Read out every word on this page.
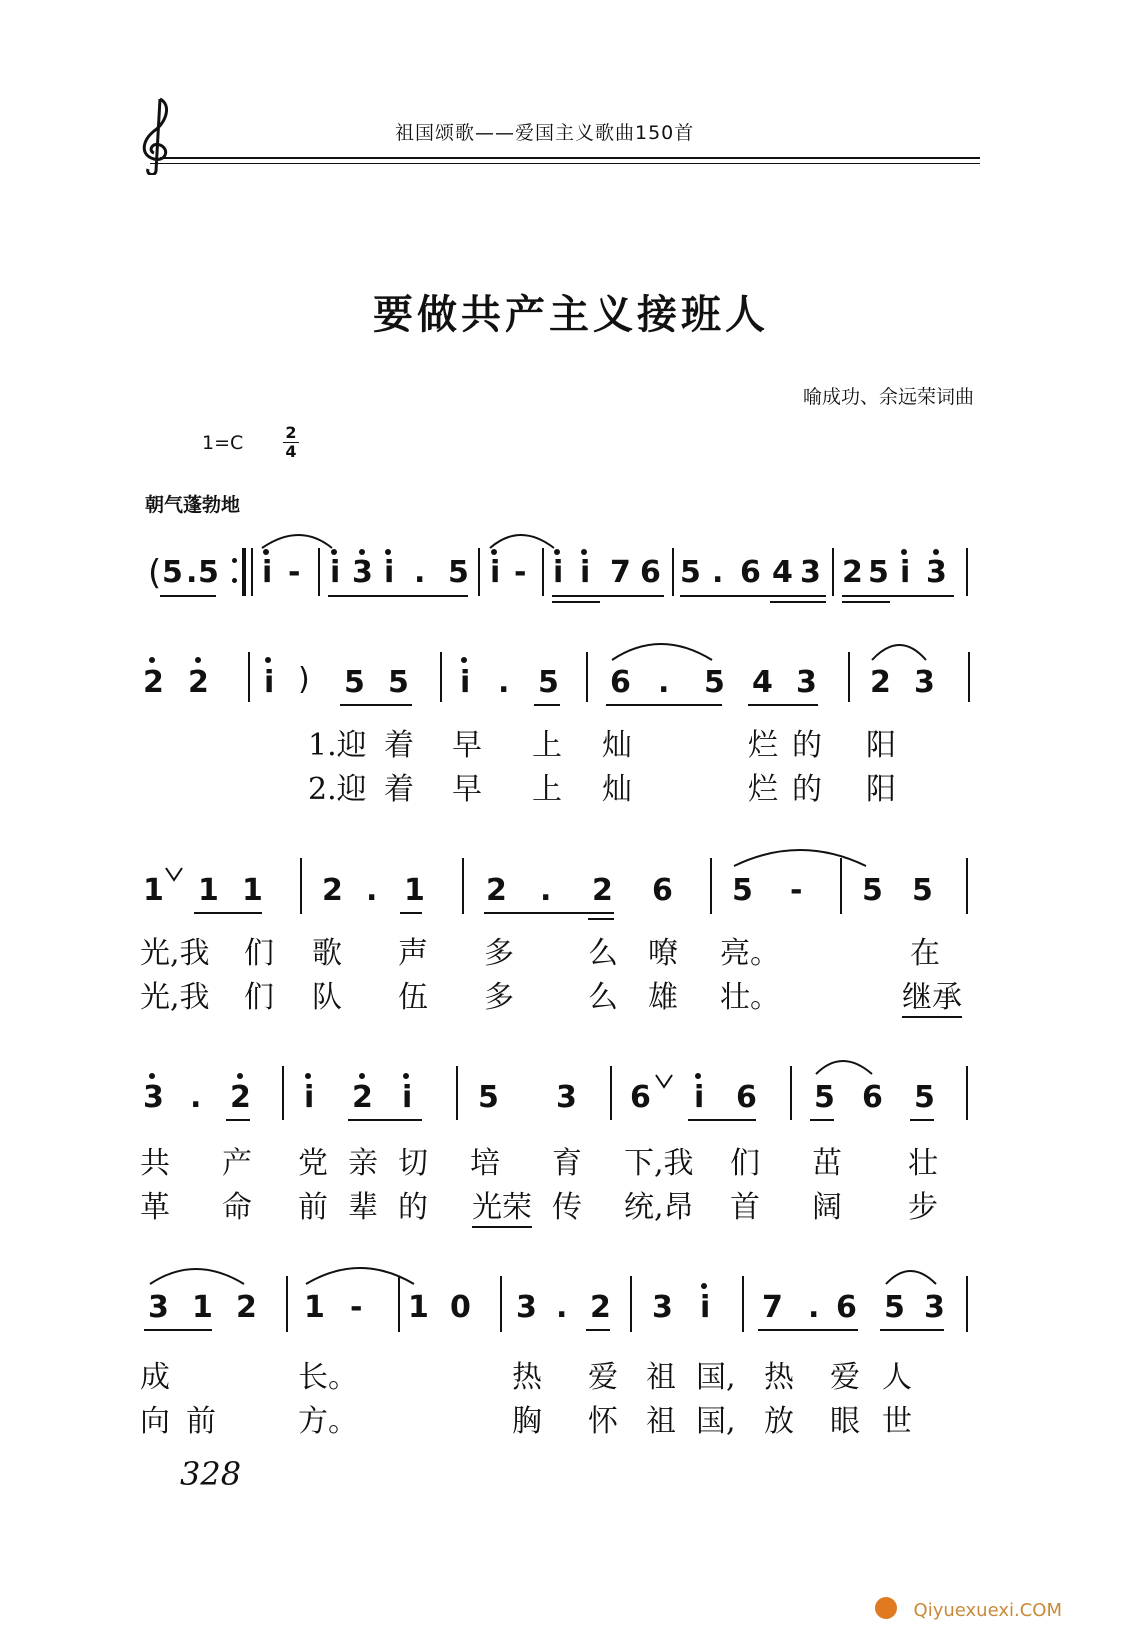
祖国颂歌——爱国主义歌曲150首
要做共产主义接班人
喻成功、余远荣词曲
1=C	2
4
朝气蓬勃地
( 5 . 5 i - i 3 i . 5 i - i i 7 6 5 . 6 4 3 2 5 i 3
2 2 i ) 5 5 i . 5 6 . 5 4 3 2 3
1.迎 着 早 上 灿	烂 的 阳
2.迎 着 早 上 灿	烂 的 阳
1 1 1 2 . 1 2 . 2 6 5 - 5 5
光,我 们 歌 声 多 么 嘹 亮。	在
光,我 们 队 伍 多 么 雄 壮。	继承
3 . 2 i 2 i 5 3 6 i 6 5 6 5
共 产 党 亲 切 培 育 下,我 们 茁 壮
革 命 前 辈 的 光荣 传 统,昂 首 阔 步
3 1 2 1 - 1 0 3 . 2 3 i 7 . 6 5 3
成	长。	热 爱 祖 国, 热 爱 人
向 前	方。	胸 怀 祖 国, 放 眼 世
328
Qiyuexuexi.COM
